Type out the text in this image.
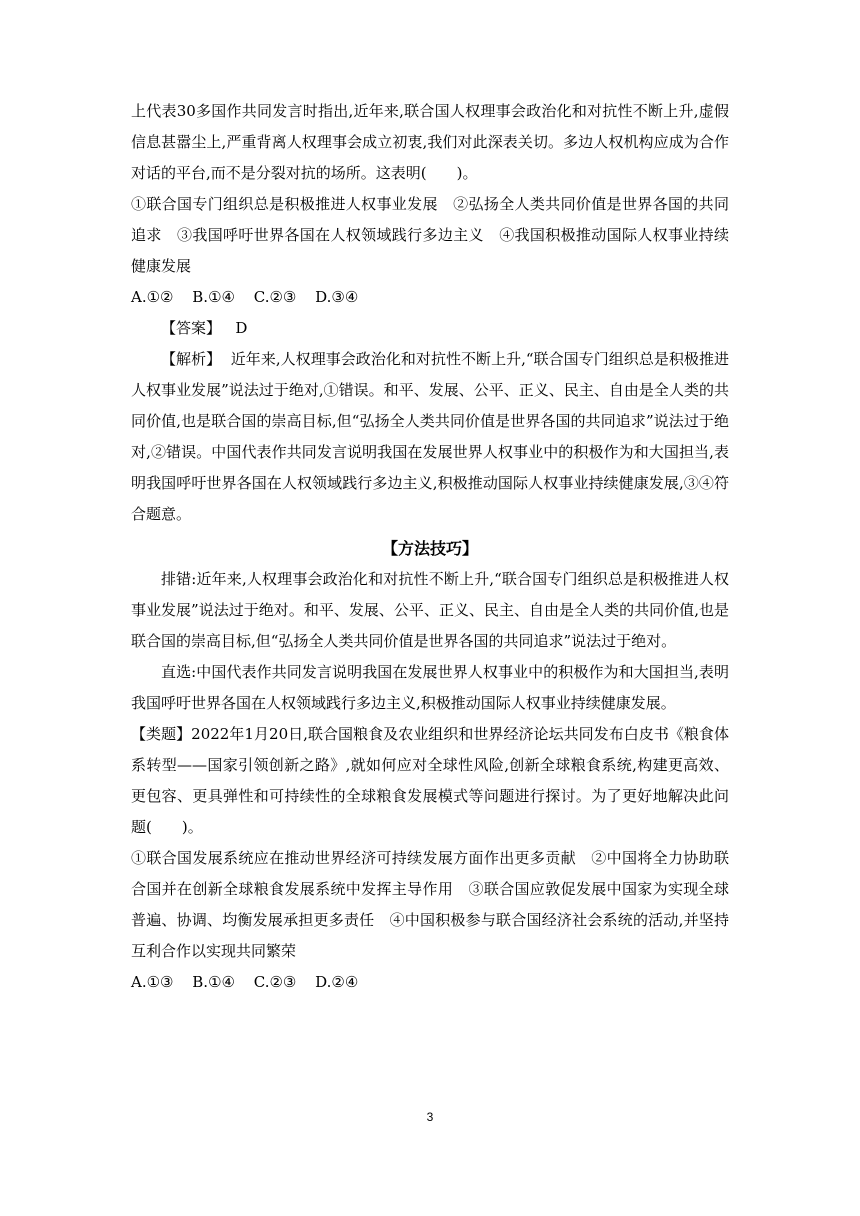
上代表30多国作共同发言时指出,近年来,联合国人权理事会政治化和对抗性不断上升,虚假信息甚嚣尘上,严重背离人权理事会成立初衷,我们对此深表关切。多边人权机构应成为合作对话的平台,而不是分裂对抗的场所。这表明(　　)。

①联合国专门组织总是积极推进人权事业发展　②弘扬全人类共同价值是世界各国的共同追求　③我国呼吁世界各国在人权领域践行多边主义　④我国积极推动国际人权事业持续健康发展

A.①② B.①④ C.②③ D.③④

【答案】 D

【解析】 近年来,人权理事会政治化和对抗性不断上升,“联合国专门组织总是积极推进人权事业发展”说法过于绝对,①错误。和平、发展、公平、正义、民主、自由是全人类的共同价值,也是联合国的崇高目标,但“弘扬全人类共同价值是世界各国的共同追求”说法过于绝对,②错误。中国代表作共同发言说明我国在发展世界人权事业中的积极作为和大国担当,表明我国呼吁世界各国在人权领域践行多边主义,积极推动国际人权事业持续健康发展,③④符合题意。

【方法技巧】

排错:近年来,人权理事会政治化和对抗性不断上升,“联合国专门组织总是积极推进人权事业发展”说法过于绝对。和平、发展、公平、正义、民主、自由是全人类的共同价值,也是联合国的崇高目标,但“弘扬全人类共同价值是世界各国的共同追求”说法过于绝对。

直选:中国代表作共同发言说明我国在发展世界人权事业中的积极作为和大国担当,表明我国呼吁世界各国在人权领域践行多边主义,积极推动国际人权事业持续健康发展。

【类题】2022年1月20日,联合国粮食及农业组织和世界经济论坛共同发布白皮书《粮食体系转型——国家引领创新之路》,就如何应对全球性风险,创新全球粮食系统,构建更高效、更包容、更具弹性和可持续性的全球粮食发展模式等问题进行探讨。为了更好地解决此问题(　　)。

①联合国发展系统应在推动世界经济可持续发展方面作出更多贡献　②中国将全力协助联合国并在创新全球粮食发展系统中发挥主导作用　③联合国应敦促发展中国家为实现全球普遍、协调、均衡发展承担更多责任　④中国积极参与联合国经济社会系统的活动,并坚持互利合作以实现共同繁荣

A.①③ B.①④ C.②③ D.②④

3
